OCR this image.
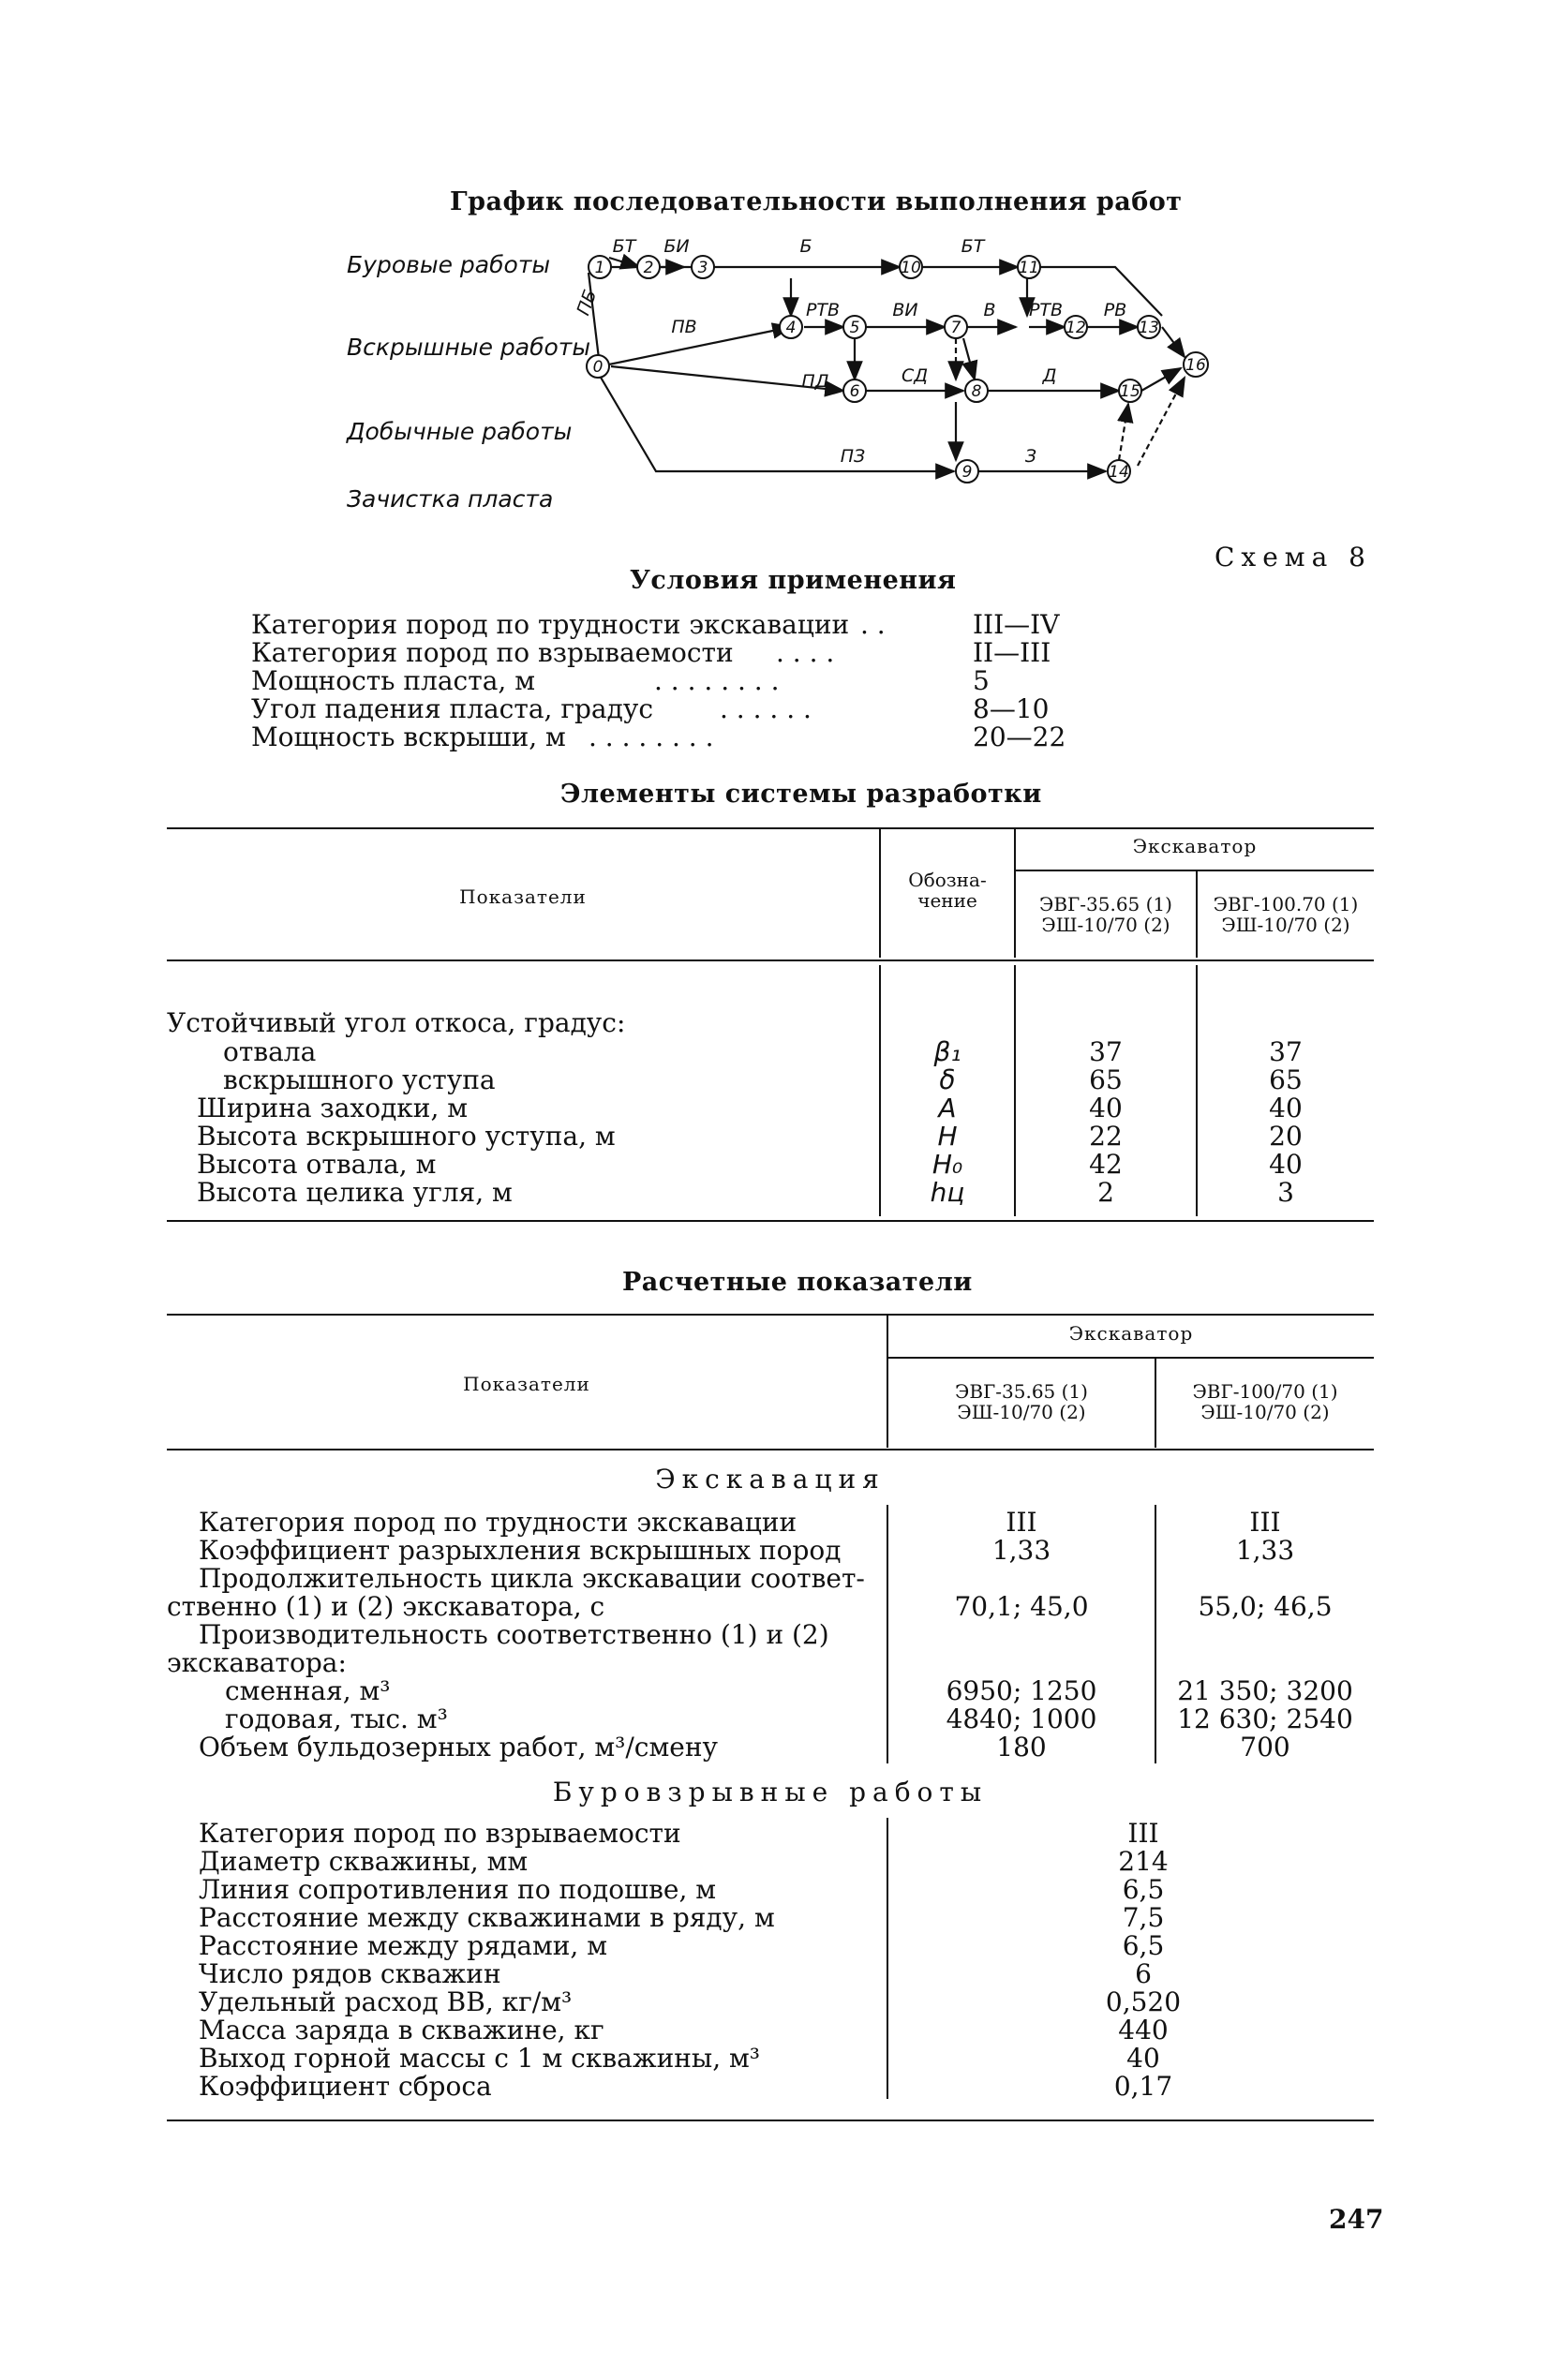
График последовательности выполнения работ
Буровые работы
Вскрышные работы
Добычные работы
Зачистка пласта
0
1 2	3	10	11
4	5	7	12	13
16
6	8	15
9	14
БТ БИ	Б	БТ
ПБ
ПВ
РТВ	ВИ	В РТВ РВ
ПД	СД	Д
ПЗ	З
Схема 8
Условия применения
Категория пород по трудности экскавации . .	III—IV
Категория пород по взрываемости . . . .	II—III
Мощность пласта, м	. . . . . . . .	5
Угол падения пласта, градус	. . . . . .	8—10
Мощность вскрыши, м . . . . . . . .	20—22
Элементы системы разработки
Показатели
Обозна-
чение
Экскаватор
ЭВГ-35.65 (1)
ЭШ-10/70 (2)
ЭВГ-100.70 (1)
ЭШ-10/70 (2)
Устойчивый угол откоса, градус:
отвала	β₁	37	37
вскрышного уступа	δ	65	65
Ширина заходки, м	A	40	40
Высота вскрышного уступа, м	H	22	20
Высота отвала, м	H₀	42	40
Высота целика угля, м	hц	2	3
Расчетные показатели
Показатели
Экскаватор
ЭВГ-35.65 (1)
ЭШ-10/70 (2)
ЭВГ-100/70 (1)
ЭШ-10/70 (2)
Экскавация
Категория пород по трудности экскавации	III	III
Коэффициент разрыхления вскрышных пород	1,33	1,33
Продолжительность цикла экскавации соответ-
ственно (1) и (2) экскаватора, с	70,1; 45,0	55,0; 46,5
Производительность соответственно (1) и (2)
экскаватора:
сменная, м³	6950; 1250	21 350; 3200
годовая, тыс. м³	4840; 1000	12 630; 2540
Объем бульдозерных работ, м³/смену	180	700
Буровзрывные работы
Категория пород по взрываемости	III
Диаметр скважины, мм	214
Линия сопротивления по подошве, м	6,5
Расстояние между скважинами в ряду, м	7,5
Расстояние между рядами, м	6,5
Число рядов скважин	6
Удельный расход ВВ, кг/м³	0,520
Масса заряда в скважине, кг	440
Выход горной массы с 1 м скважины, м³	40
Коэффициент сброса	0,17
247
